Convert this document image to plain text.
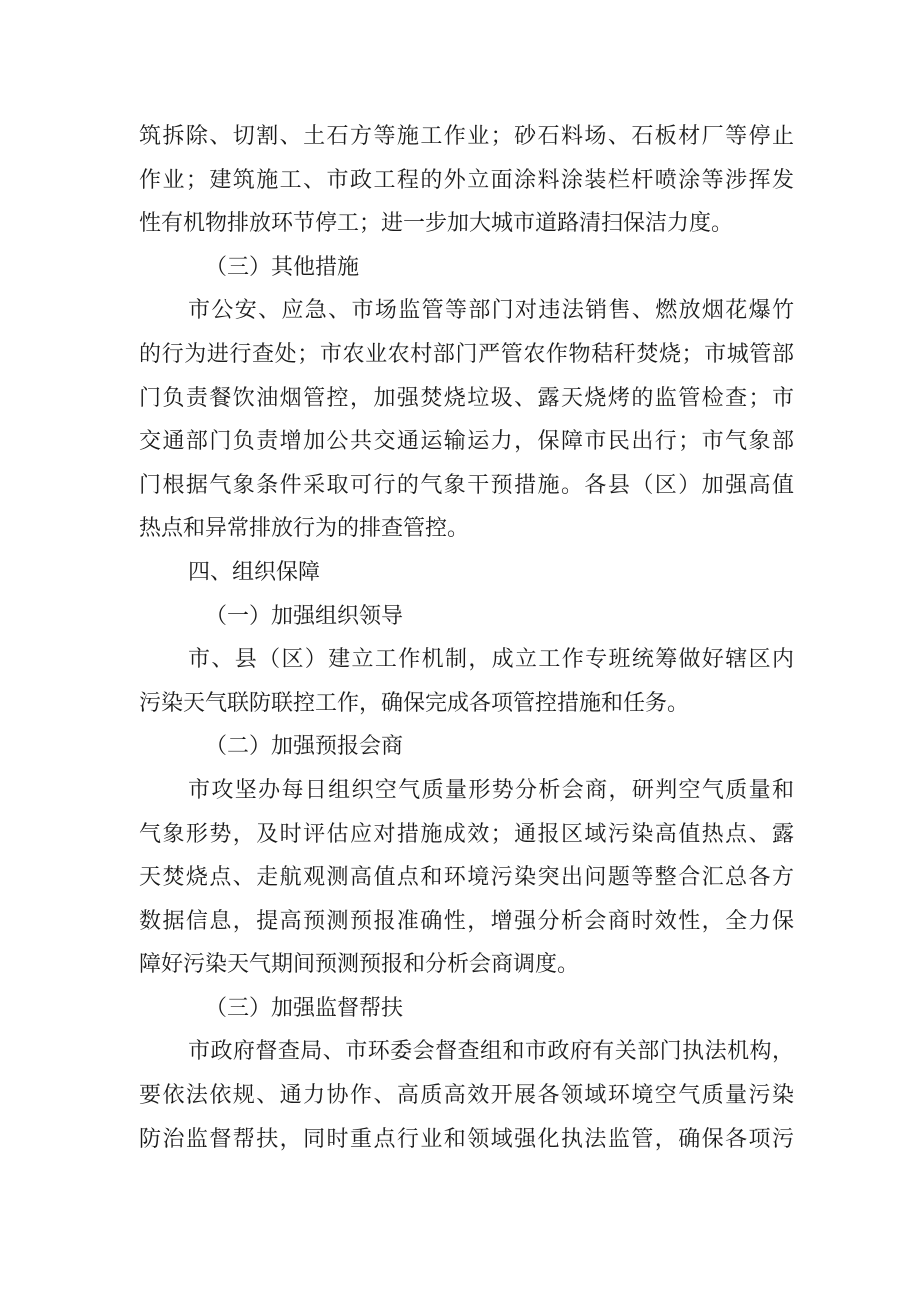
筑拆除、切割、土石方等施工作业；砂石料场、石板材厂等停止
作业；建筑施工、市政工程的外立面涂料涂装栏杆喷涂等涉挥发
性有机物排放环节停工；进一步加大城市道路清扫保洁力度。
（三）其他措施
市公安、应急、市场监管等部门对违法销售、燃放烟花爆竹
的行为进行查处；市农业农村部门严管农作物秸秆焚烧；市城管部
门负责餐饮油烟管控，加强焚烧垃圾、露天烧烤的监管检查；市
交通部门负责增加公共交通运输运力，保障市民出行；市气象部
门根据气象条件采取可行的气象干预措施。各县（区）加强高值
热点和异常排放行为的排查管控。
四、组织保障
（一）加强组织领导
市、县（区）建立工作机制，成立工作专班统筹做好辖区内
污染天气联防联控工作，确保完成各项管控措施和任务。
（二）加强预报会商
市攻坚办每日组织空气质量形势分析会商，研判空气质量和
气象形势，及时评估应对措施成效；通报区域污染高值热点、露
天焚烧点、走航观测高值点和环境污染突出问题等整合汇总各方
数据信息，提高预测预报准确性，增强分析会商时效性，全力保
障好污染天气期间预测预报和分析会商调度。
（三）加强监督帮扶
市政府督查局、市环委会督查组和市政府有关部门执法机构，
要依法依规、通力协作、高质高效开展各领域环境空气质量污染
防治监督帮扶，同时重点行业和领域强化执法监管，确保各项污
